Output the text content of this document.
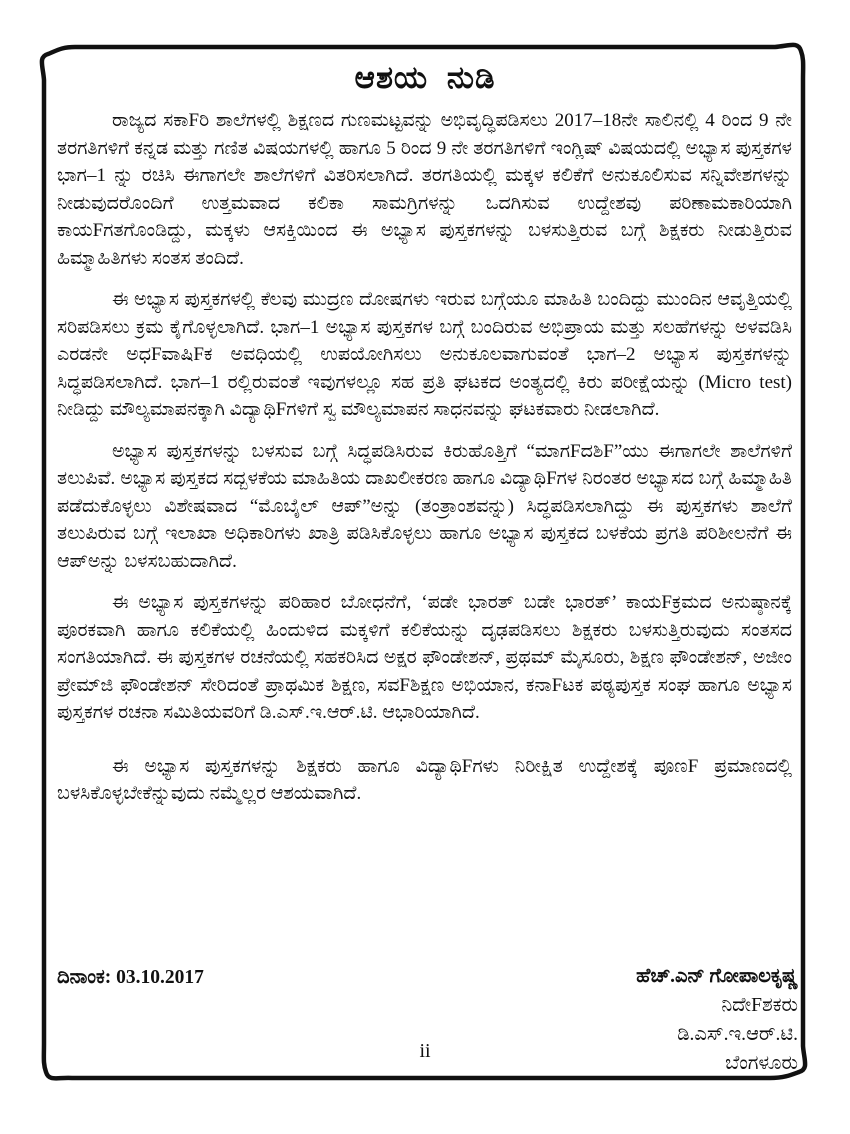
ಆಶಯ ನುಡಿ

ರಾಜ್ಯದ ಸಕಾFರಿ ಶಾಲೆಗಳಲ್ಲಿ ಶಿಕ್ಷಣದ ಗುಣಮಟ್ಟವನ್ನು ಅಭಿವೃದ್ಧಿಪಡಿಸಲು 2017–18ನೇ ಸಾಲಿನಲ್ಲಿ 4 ರಿಂದ 9 ನೇ ತರಗತಿಗಳಿಗೆ ಕನ್ನಡ ಮತ್ತು ಗಣಿತ ವಿಷಯಗಳಲ್ಲಿ ಹಾಗೂ 5 ರಿಂದ 9 ನೇ ತರಗತಿಗಳಿಗೆ ಇಂಗ್ಲಿಷ್ ವಿಷಯದಲ್ಲಿ ಅಭ್ಯಾಸ ಪುಸ್ತಕಗಳ ಭಾಗ–1 ನ್ನು ರಚಿಸಿ ಈಗಾಗಲೇ ಶಾಲೆಗಳಿಗೆ ವಿತರಿಸಲಾಗಿದೆ. ತರಗತಿಯಲ್ಲಿ ಮಕ್ಕಳ ಕಲಿಕೆಗೆ ಅನುಕೂಲಿಸುವ ಸನ್ನಿವೇಶಗಳನ್ನು ನೀಡುವುದರೊಂದಿಗೆ ಉತ್ತಮವಾದ ಕಲಿಕಾ ಸಾಮಗ್ರಿಗಳನ್ನು ಒದಗಿಸುವ ಉದ್ದೇಶವು ಪರಿಣಾಮಕಾರಿಯಾಗಿ ಕಾಯFಗತಗೊಂಡಿದ್ದು, ಮಕ್ಕಳು ಆಸಕ್ತಿಯಿಂದ ಈ ಅಭ್ಯಾಸ ಪುಸ್ತಕಗಳನ್ನು ಬಳಸುತ್ತಿರುವ ಬಗ್ಗೆ ಶಿಕ್ಷಕರು ನೀಡುತ್ತಿರುವ ಹಿಮ್ಮಾಹಿತಿಗಳು ಸಂತಸ ತಂದಿದೆ.

ಈ ಅಭ್ಯಾಸ ಪುಸ್ತಕಗಳಲ್ಲಿ ಕೆಲವು ಮುದ್ರಣ ದೋಷಗಳು ಇರುವ ಬಗ್ಗೆಯೂ ಮಾಹಿತಿ ಬಂದಿದ್ದು ಮುಂದಿನ ಆವೃತ್ತಿಯಲ್ಲಿ ಸರಿಪಡಿಸಲು ಕ್ರಮ ಕೈಗೊಳ್ಳಲಾಗಿದೆ. ಭಾಗ–1 ಅಭ್ಯಾಸ ಪುಸ್ತಕಗಳ ಬಗ್ಗೆ ಬಂದಿರುವ ಅಭಿಪ್ರಾಯ ಮತ್ತು ಸಲಹೆಗಳನ್ನು ಅಳವಡಿಸಿ ಎರಡನೇ ಅಧFವಾಷಿFಕ ಅವಧಿಯಲ್ಲಿ ಉಪಯೋಗಿಸಲು ಅನುಕೂಲವಾಗುವಂತೆ ಭಾಗ–2 ಅಭ್ಯಾಸ ಪುಸ್ತಕಗಳನ್ನು ಸಿದ್ಧಪಡಿಸಲಾಗಿದೆ. ಭಾಗ–1 ರಲ್ಲಿರುವಂತೆ ಇವುಗಳಲ್ಲೂ ಸಹ ಪ್ರತಿ ಘಟಕದ ಅಂತ್ಯದಲ್ಲಿ ಕಿರು ಪರೀಕ್ಷೆಯನ್ನು (Micro test) ನೀಡಿದ್ದು ಮೌಲ್ಯಮಾಪನಕ್ಕಾಗಿ ವಿದ್ಯಾಥಿFಗಳಿಗೆ ಸ್ವ ಮೌಲ್ಯಮಾಪನ ಸಾಧನವನ್ನು ಘಟಕವಾರು ನೀಡಲಾಗಿದೆ.

ಅಭ್ಯಾಸ ಪುಸ್ತಕಗಳನ್ನು ಬಳಸುವ ಬಗ್ಗೆ ಸಿದ್ಧಪಡಿಸಿರುವ ಕಿರುಹೊತ್ತಿಗೆ “ಮಾಗFದಶಿF”ಯು ಈಗಾಗಲೇ ಶಾಲೆಗಳಿಗೆ ತಲುಪಿವೆ. ಅಭ್ಯಾಸ ಪುಸ್ತಕದ ಸದ್ಬಳಕೆಯ ಮಾಹಿತಿಯ ದಾಖಲೀಕರಣ ಹಾಗೂ ವಿದ್ಯಾಥಿFಗಳ ನಿರಂತರ ಅಭ್ಯಾಸದ ಬಗ್ಗೆ ಹಿಮ್ಮಾಹಿತಿ ಪಡೆದುಕೊಳ್ಳಲು ವಿಶೇಷವಾದ “ಮೊಬೈಲ್ ಆಪ್”ಅನ್ನು (ತಂತ್ರಾಂಶವನ್ನು) ಸಿದ್ಧಪಡಿಸಲಾಗಿದ್ದು ಈ ಪುಸ್ತಕಗಳು ಶಾಲೆಗೆ ತಲುಪಿರುವ ಬಗ್ಗೆ ಇಲಾಖಾ ಅಧಿಕಾರಿಗಳು ಖಾತ್ರಿ ಪಡಿಸಿಕೊಳ್ಳಲು ಹಾಗೂ ಅಭ್ಯಾಸ ಪುಸ್ತಕದ ಬಳಕೆಯ ಪ್ರಗತಿ ಪರಿಶೀಲನೆಗೆ ಈ ಆಪ್‌ಅನ್ನು ಬಳಸಬಹುದಾಗಿದೆ.

ಈ ಅಭ್ಯಾಸ ಪುಸ್ತಕಗಳನ್ನು ಪರಿಹಾರ ಬೋಧನೆಗೆ, ‘ಪಡೇ ಭಾರತ್ ಬಡೇ ಭಾರತ್’ ಕಾಯFಕ್ರಮದ ಅನುಷ್ಠಾನಕ್ಕೆ ಪೂರಕವಾಗಿ ಹಾಗೂ ಕಲಿಕೆಯಲ್ಲಿ ಹಿಂದುಳಿದ ಮಕ್ಕಳಿಗೆ ಕಲಿಕೆಯನ್ನು ದೃಢಪಡಿಸಲು ಶಿಕ್ಷಕರು ಬಳಸುತ್ತಿರುವುದು ಸಂತಸದ ಸಂಗತಿಯಾಗಿದೆ. ಈ ಪುಸ್ತಕಗಳ ರಚನೆಯಲ್ಲಿ ಸಹಕರಿಸಿದ ಅಕ್ಷರ ಫೌಂಡೇಶನ್, ಪ್ರಥಮ್ ಮೈಸೂರು, ಶಿಕ್ಷಣ ಫೌಂಡೇಶನ್, ಅಜೀಂ ಪ್ರೇಮ್‌ಜಿ ಫೌಂಡೇಶನ್ ಸೇರಿದಂತೆ ಪ್ರಾಥಮಿಕ ಶಿಕ್ಷಣ, ಸವFಶಿಕ್ಷಣ ಅಭಿಯಾನ, ಕನಾFಟಕ ಪಠ್ಯಪುಸ್ತಕ ಸಂಘ ಹಾಗೂ ಅಭ್ಯಾಸ ಪುಸ್ತಕಗಳ ರಚನಾ ಸಮಿತಿಯವರಿಗೆ ಡಿ.ಎಸ್.ಇ.ಆರ್.ಟಿ. ಆಭಾರಿಯಾಗಿದೆ.

ಈ ಅಭ್ಯಾಸ ಪುಸ್ತಕಗಳನ್ನು ಶಿಕ್ಷಕರು ಹಾಗೂ ವಿದ್ಯಾಥಿFಗಳು ನಿರೀಕ್ಷಿತ ಉದ್ದೇಶಕ್ಕೆ ಪೂಣF ಪ್ರಮಾಣದಲ್ಲಿ ಬಳಸಿಕೊಳ್ಳಬೇಕೆನ್ನುವುದು ನಮ್ಮೆಲ್ಲರ ಆಶಯವಾಗಿದೆ.

ದಿನಾಂಕ: 03.10.2017	ಹೆಚ್.ಎನ್ ಗೋಪಾಲಕೃಷ್ಣ
ನಿದೇFಶಕರು
ಡಿ.ಎಸ್.ಇ.ಆರ್.ಟಿ.
ಬೆಂಗಳೂರು
ii
